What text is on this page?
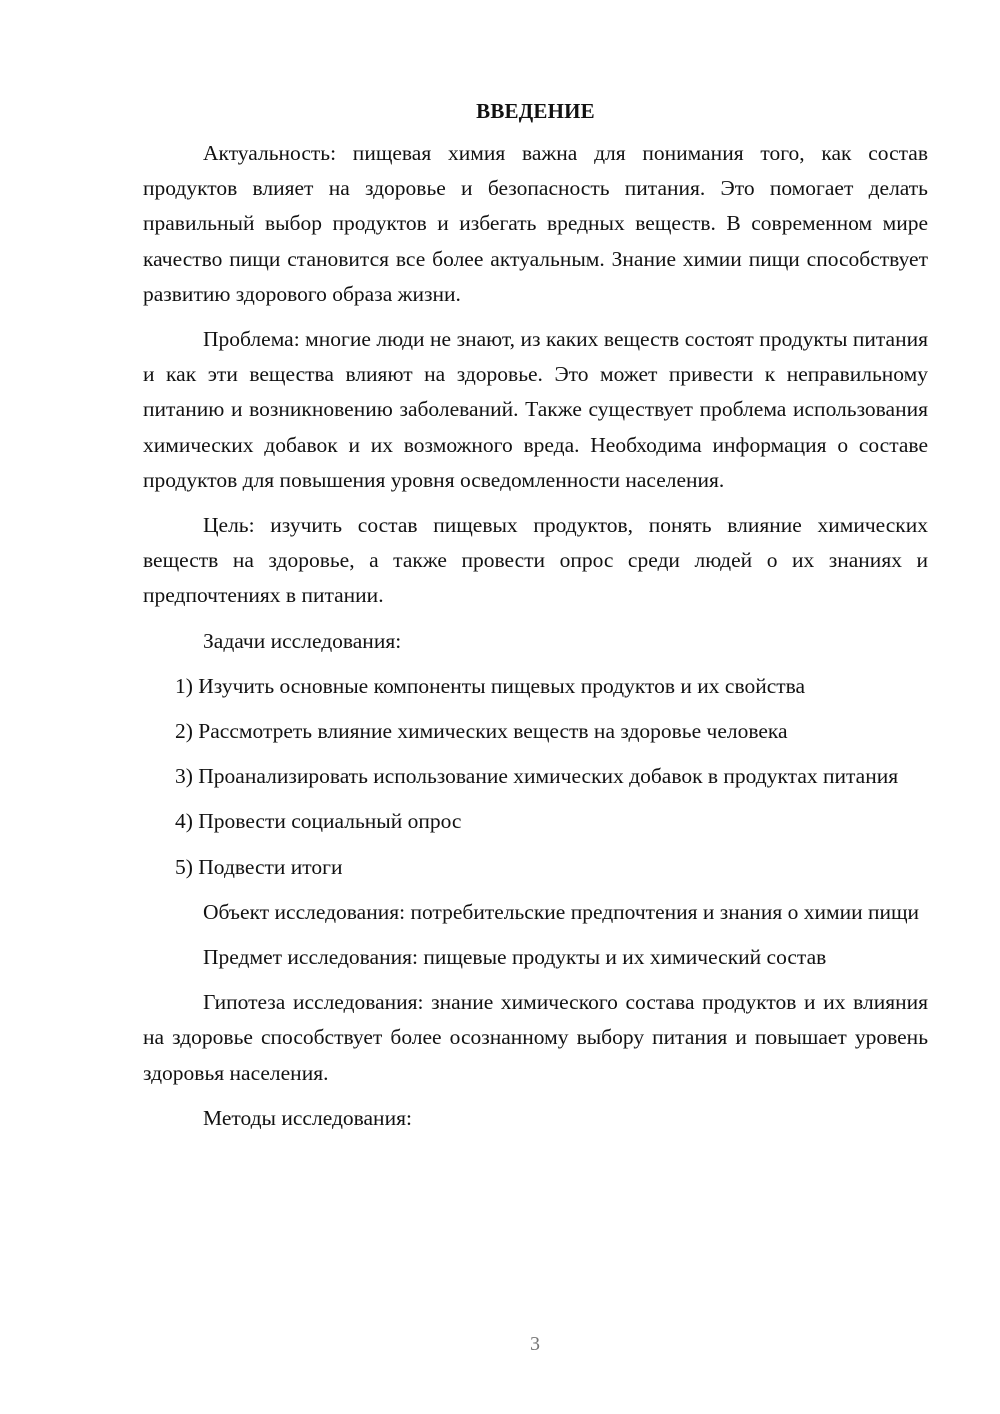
ВВЕДЕНИЕ

Актуальность: пищевая химия важна для понимания того, как состав продуктов влияет на здоровье и безопасность питания. Это помогает делать правильный выбор продуктов и избегать вредных веществ. В современном мире качество пищи становится все более актуальным. Знание химии пищи способствует развитию здорового образа жизни.

Проблема: многие люди не знают, из каких веществ состоят продукты питания и как эти вещества влияют на здоровье. Это может привести к неправильному питанию и возникновению заболеваний. Также существует проблема использования химических добавок и их возможного вреда. Необходима информация о составе продуктов для повышения уровня осведомленности населения.

Цель: изучить состав пищевых продуктов, понять влияние химических веществ на здоровье, а также провести опрос среди людей о их знаниях и предпочтениях в питании.

Задачи исследования:

1) Изучить основные компоненты пищевых продуктов и их свойства

2) Рассмотреть влияние химических веществ на здоровье человека

3) Проанализировать использование химических добавок в продуктах питания

4) Провести социальный опрос

5) Подвести итоги

Объект исследования: потребительские предпочтения и знания о химии пищи

Предмет исследования: пищевые продукты и их химический состав

Гипотеза исследования: знание химического состава продуктов и их влияния на здоровье способствует более осознанному выбору питания и повышает уровень здоровья населения.

Методы исследования:

3
